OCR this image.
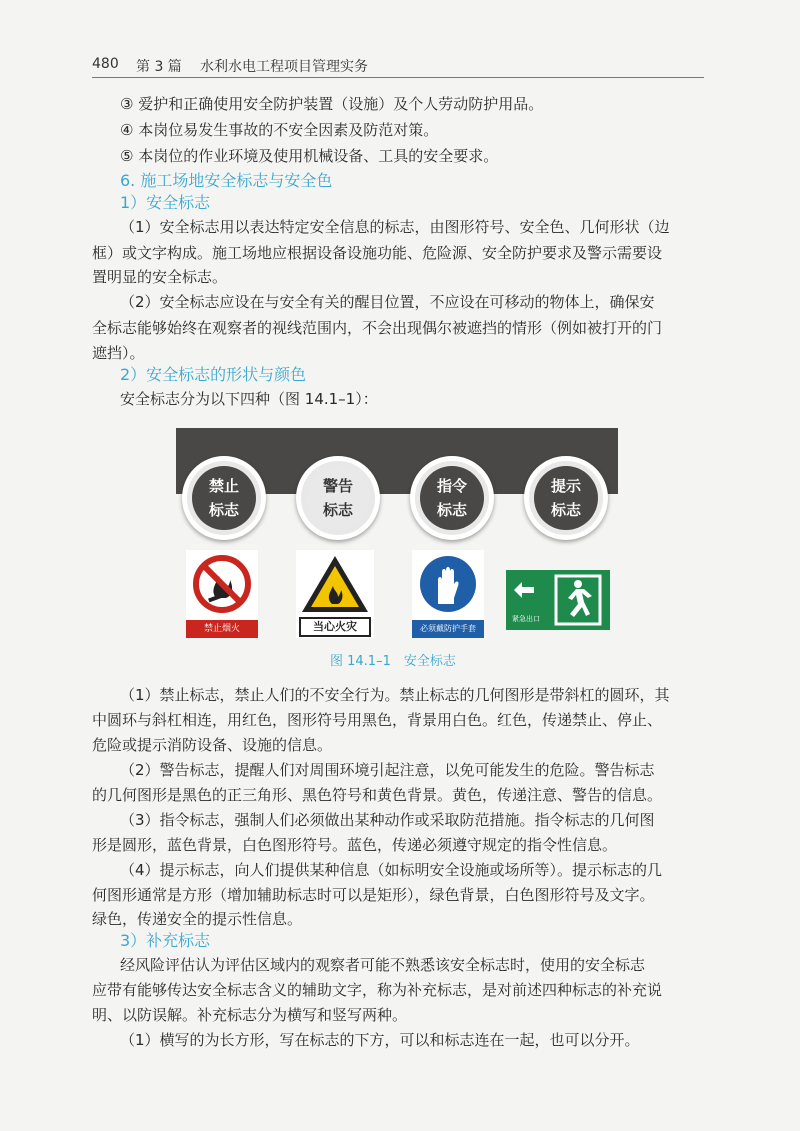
480 第 3 篇 水利水电工程项目管理实务
③ 爱护和正确使用安全防护装置（设施）及个人劳动防护用品。
④ 本岗位易发生事故的不安全因素及防范对策。
⑤ 本岗位的作业环境及使用机械设备、工具的安全要求。
6. 施工场地安全标志与安全色
1）安全标志
（1）安全标志用以表达特定安全信息的标志，由图形符号、安全色、几何形状（边
框）或文字构成。施工场地应根据设备设施功能、危险源、安全防护要求及警示需要设
置明显的安全标志。
（2）安全标志应设在与安全有关的醒目位置，不应设在可移动的物体上，确保安
全标志能够始终在观察者的视线范围内，不会出现偶尔被遮挡的情形（例如被打开的门
遮挡）。
2）安全标志的形状与颜色
安全标志分为以下四种（图 14.1–1）：
禁止
标志
警告
标志
指令
标志
提示
标志
禁止烟火	当心火灾	必须戴防护手套
紧急出口
图 14.1–1　安全标志
（1）禁止标志，禁止人们的不安全行为。禁止标志的几何图形是带斜杠的圆环，其
中圆环与斜杠相连，用红色，图形符号用黑色，背景用白色。红色，传递禁止、停止、
危险或提示消防设备、设施的信息。
（2）警告标志，提醒人们对周围环境引起注意，以免可能发生的危险。警告标志
的几何图形是黑色的正三角形、黑色符号和黄色背景。黄色，传递注意、警告的信息。
（3）指令标志，强制人们必须做出某种动作或采取防范措施。指令标志的几何图
形是圆形，蓝色背景，白色图形符号。蓝色，传递必须遵守规定的指令性信息。
（4）提示标志，向人们提供某种信息（如标明安全设施或场所等）。提示标志的几
何图形通常是方形（增加辅助标志时可以是矩形），绿色背景，白色图形符号及文字。
绿色，传递安全的提示性信息。
3）补充标志
经风险评估认为评估区域内的观察者可能不熟悉该安全标志时，使用的安全标志
应带有能够传达安全标志含义的辅助文字，称为补充标志，是对前述四种标志的补充说
明、以防误解。补充标志分为横写和竖写两种。
（1）横写的为长方形，写在标志的下方，可以和标志连在一起，也可以分开。
